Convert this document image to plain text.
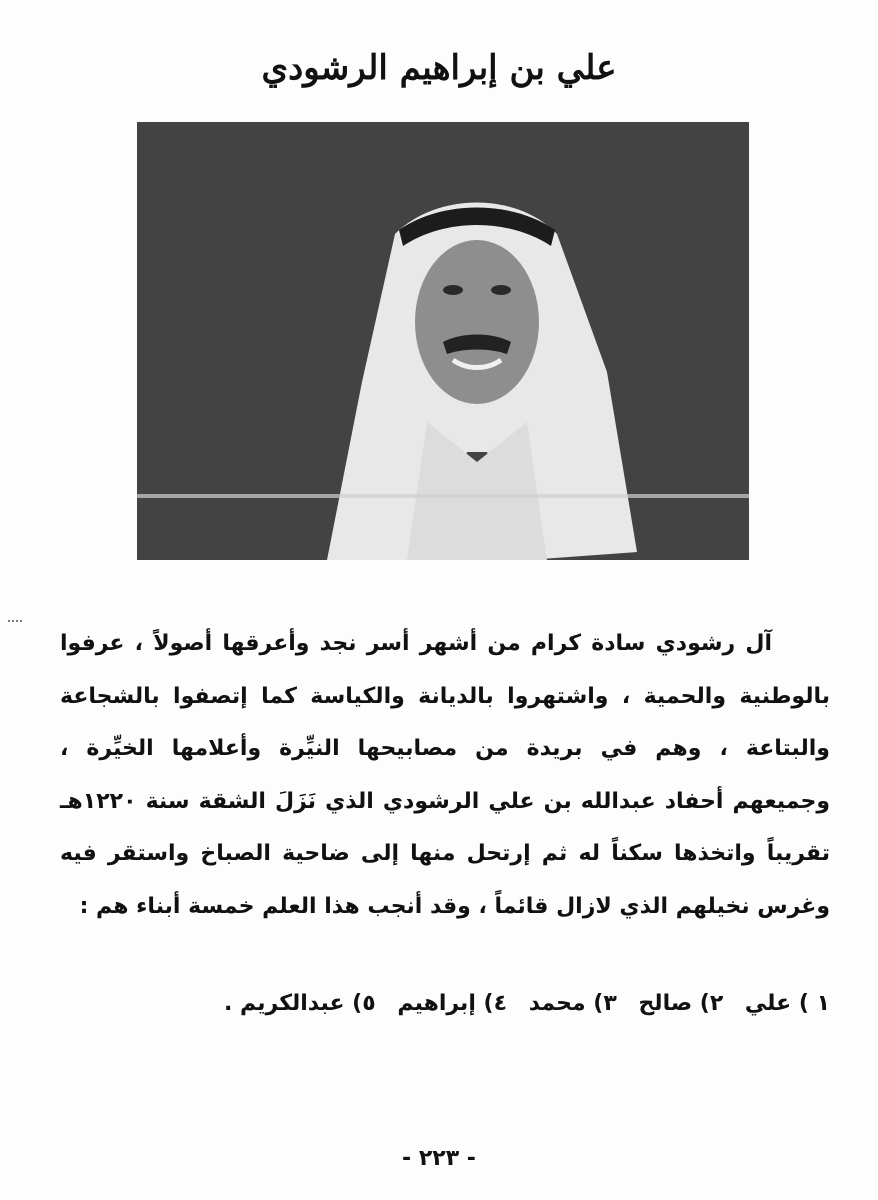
علي بن إبراهيم الرشودي

آل رشودي سادة كرام من أشهر أسر نجد وأعرقها أصولاً ، عرفوا بالوطنية والحمية ، واشتهروا بالديانة والكياسة كما إتصفوا بالشجاعة والبتاعة ، وهم في بريدة من مصابيحها النيِّرة وأعلامها الخيِّرة ، وجميعهم أحفاد عبدالله بن علي الرشودي الذي نَزَلَ الشقة سنة ١٢٢٠هـ تقريباً واتخذها سكناً له ثم إرتحل منها إلى ضاحية الصباخ واستقر فيه وغرس نخيلهم الذي لازال قائماً ، وقد أنجب هذا العلم خمسة أبناء هم :

١ ) علي ٢) صالح ٣) محمد ٤) إبراهيم ٥) عبدالكريم .
- ٢٢٣ -
